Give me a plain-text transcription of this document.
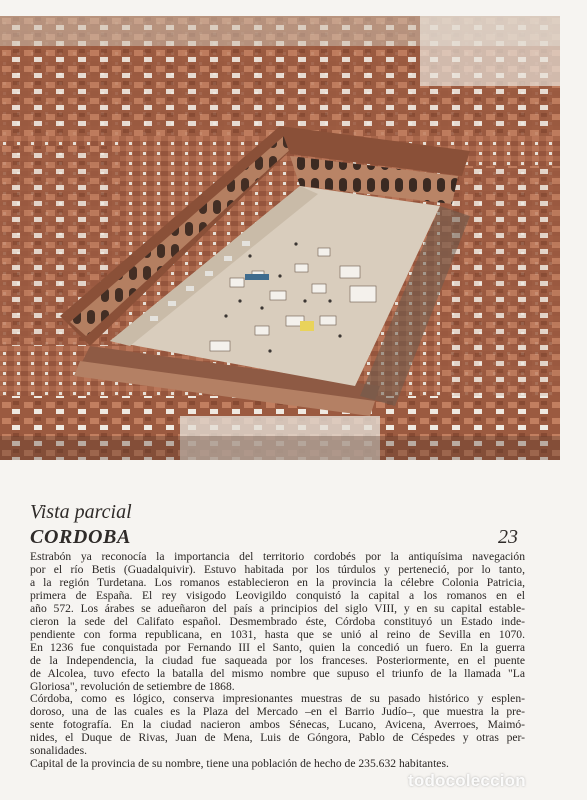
Vista parcial
CORDOBA	23
Estrabón ya reconocía la importancia del territorio cordobés por la antiquísima navegación
por el río Betis (Guadalquivir). Estuvo habitada por los túrdulos y perteneció, por lo tanto,
a la región Turdetana. Los romanos establecieron en la provincia la célebre Colonia Patricia,
primera de España. El rey visigodo Leovigildo conquistó la capital a los romanos en el
año 572. Los árabes se adueñaron del país a principios del siglo VIII, y en su capital estable-
cieron la sede del Califato español. Desmembrado éste, Córdoba constituyó un Estado inde-
pendiente con forma republicana, en 1031, hasta que se unió al reino de Sevilla en 1070.
En 1236 fue conquistada por Fernando III el Santo, quien la concedió un fuero. En la guerra
de la Independencia, la ciudad fue saqueada por los franceses. Posteriormente, en el puente
de Alcolea, tuvo efecto la batalla del mismo nombre que supuso el triunfo de la llamada "La
Gloriosa", revolución de setiembre de 1868.
Córdoba, como es lógico, conserva impresionantes muestras de su pasado histórico y esplen-
doroso, una de las cuales es la Plaza del Mercado –en el Barrio Judío–, que muestra la pre-
sente fotografía. En la ciudad nacieron ambos Sénecas, Lucano, Avicena, Averroes, Maimó-
nides, el Duque de Rivas, Juan de Mena, Luis de Góngora, Pablo de Céspedes y otras per-
sonalidades.
Capital de la provincia de su nombre, tiene una población de hecho de 235.632 habitantes.
todocoleccion
